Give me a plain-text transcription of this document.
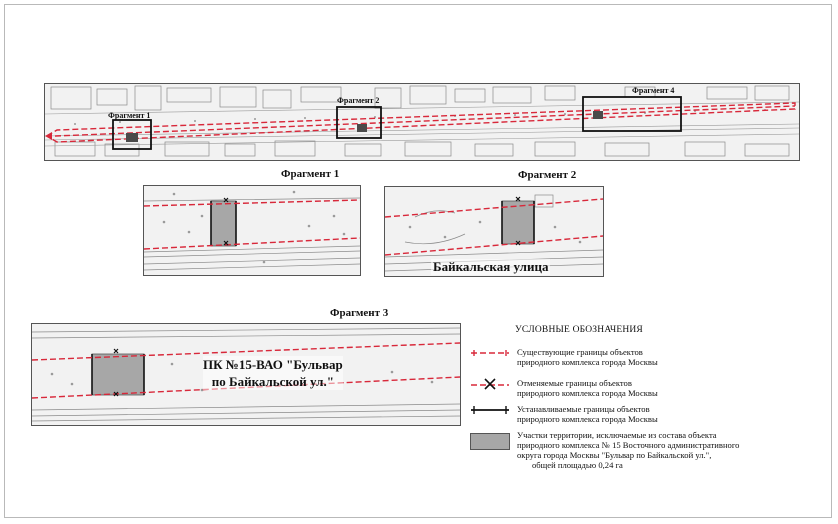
Фрагмент 1
Фрагмент 2
Фрагмент 4
Фрагмент 1	Фрагмент 2
Байкальская улица
Фрагмент 3
ПК №15-ВАО "Бульвар
по Байкальской ул."
УСЛОВНЫЕ ОБОЗНАЧЕНИЯ
Существующие границы объектов
природного комплекса города Москвы
Отменяемые границы объектов
природного комплекса города Москвы
Устанавливаемые границы объектов
природного комплекса города Москвы
Участки территории, исключаемые из состава объекта
природного комплекса № 15 Восточного административного
округа города Москвы "Бульвар по Байкальской ул.",
общей площадью 0,24 га
